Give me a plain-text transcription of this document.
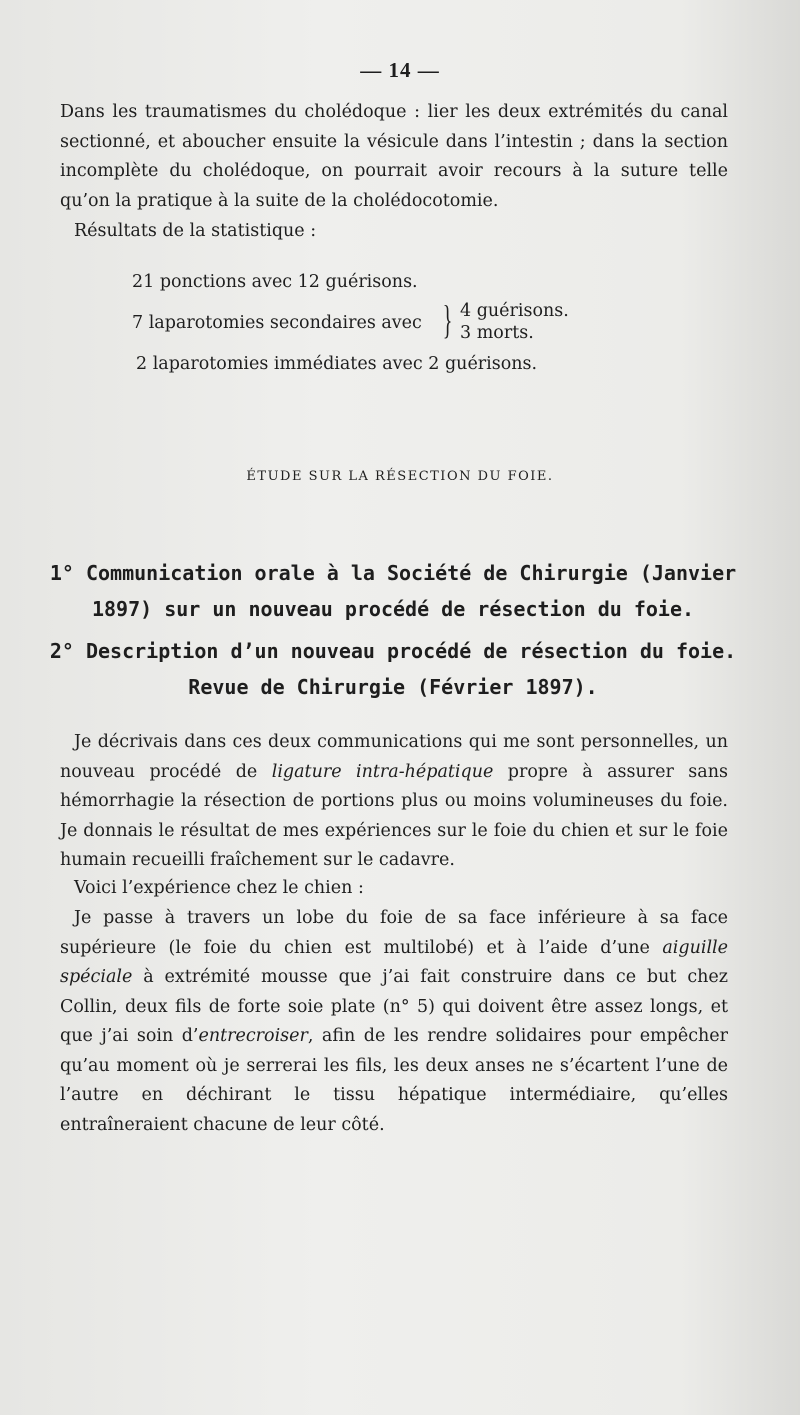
— 14 —

Dans les traumatismes du cholédoque : lier les deux extrémités du canal sectionné, et aboucher ensuite la vésicule dans l’intestin ; dans la section incomplète du cholédoque, on pourrait avoir recours à la suture telle qu’on la pratique à la suite de la cholédocotomie.

Résultats de la statistique :

21 ponctions avec 12 guérisons.

7 laparotomies secondaires avec } 4 guérisons.

3 morts.

2 laparotomies immédiates avec 2 guérisons.

ÉTUDE SUR LA RÉSECTION DU FOIE.

1° Communication orale à la Société de Chirurgie (Janvier 1897) sur un nouveau procédé de résection du foie.

2° Description d’un nouveau procédé de résection du foie. Revue de Chirurgie (Février 1897).

Je décrivais dans ces deux communications qui me sont personnelles, un nouveau procédé de ligature intra-hépatique propre à assurer sans hémorrhagie la résection de portions plus ou moins volumineuses du foie. Je donnais le résultat de mes expériences sur le foie du chien et sur le foie humain recueilli fraîchement sur le cadavre.

Voici l’expérience chez le chien :

Je passe à travers un lobe du foie de sa face inférieure à sa face supérieure (le foie du chien est multilobé) et à l’aide d’une aiguille spéciale à extrémité mousse que j’ai fait construire dans ce but chez Collin, deux fils de forte soie plate (n° 5) qui doivent être assez longs, et que j’ai soin d’entrecroiser, afin de les rendre solidaires pour empêcher qu’au moment où je serrerai les fils, les deux anses ne s’écartent l’une de l’autre en déchirant le tissu hépatique intermédiaire, qu’elles entraîneraient chacune de leur côté.
